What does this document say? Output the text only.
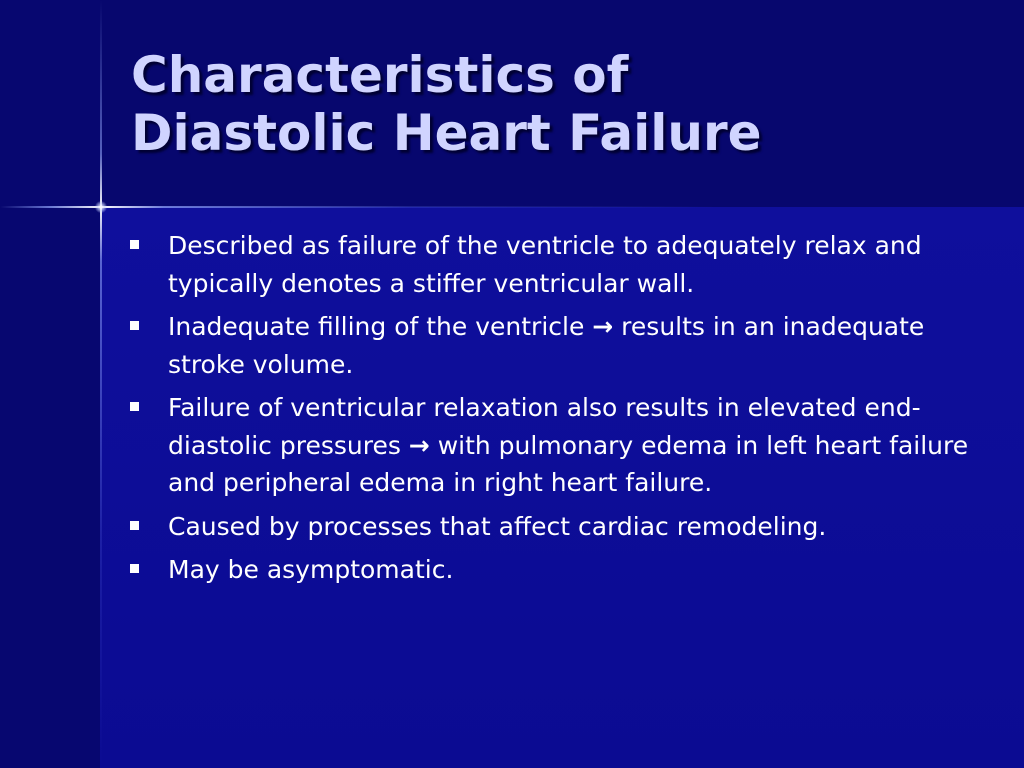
Characteristics of
Diastolic Heart Failure
Described as failure of the ventricle to adequately relax and typically denotes a stiffer ventricular wall.
Inadequate filling of the ventricle → results in an inadequate stroke volume.
Failure of ventricular relaxation also results in elevated end-diastolic pressures → with pulmonary edema in left heart failure and peripheral edema in right heart failure.
Caused by processes that affect cardiac remodeling.
May be asymptomatic.
